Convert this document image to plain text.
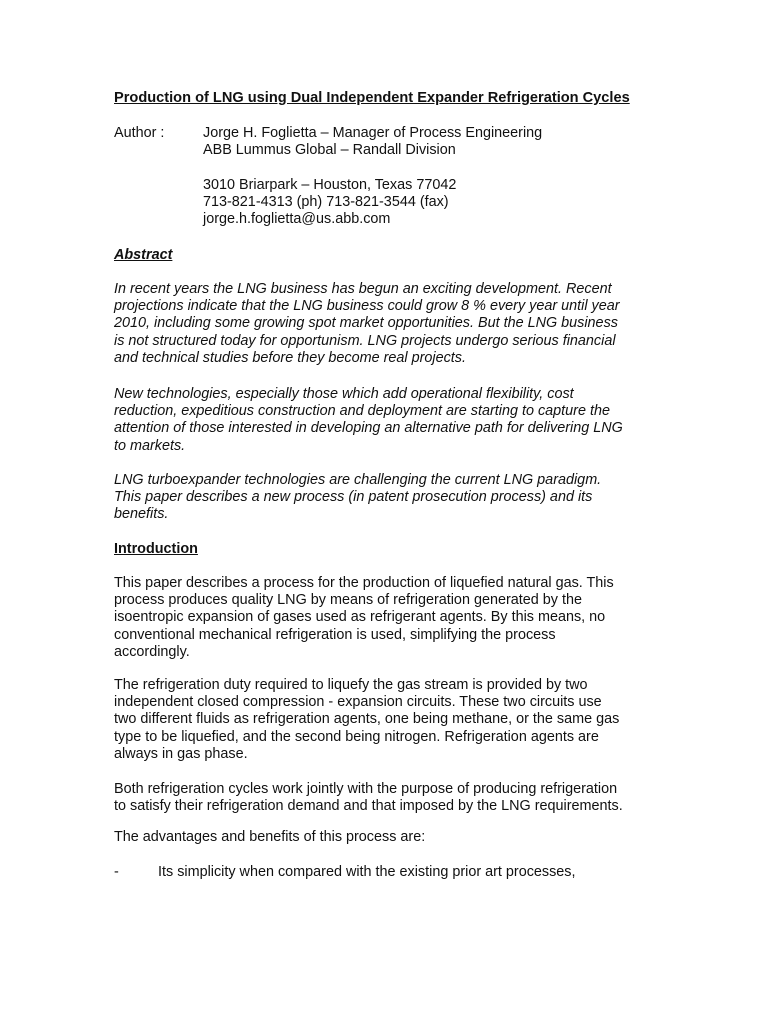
Production of LNG using Dual Independent Expander Refrigeration Cycles
Author :	Jorge H. Foglietta – Manager of Process Engineering
ABB Lummus Global – Randall Division
3010 Briarpark – Houston, Texas 77042
713-821-4313 (ph) 713-821-3544 (fax)
jorge.h.foglietta@us.abb.com
Abstract
In recent years the LNG business has begun an exciting development. Recent
projections indicate that the LNG business could grow 8 % every year until year
2010, including some growing spot market opportunities. But the LNG business
is not structured today for opportunism. LNG projects undergo serious financial
and technical studies before they become real projects.
New technologies, especially those which add operational flexibility, cost
reduction, expeditious construction and deployment are starting to capture the
attention of those interested in developing an alternative path for delivering LNG
to markets.
LNG turboexpander technologies are challenging the current LNG paradigm.
This paper describes a new process (in patent prosecution process) and its
benefits.
Introduction
This paper describes a process for the production of liquefied natural gas. This
process produces quality LNG by means of refrigeration generated by the
isoentropic expansion of gases used as refrigerant agents. By this means, no
conventional mechanical refrigeration is used, simplifying the process
accordingly.
The refrigeration duty required to liquefy the gas stream is provided by two
independent closed compression - expansion circuits. These two circuits use
two different fluids as refrigeration agents, one being methane, or the same gas
type to be liquefied, and the second being nitrogen. Refrigeration agents are
always in gas phase.
Both refrigeration cycles work jointly with the purpose of producing refrigeration
to satisfy their refrigeration demand and that imposed by the LNG requirements.
The advantages and benefits of this process are:
-	Its simplicity when compared with the existing prior art processes,
